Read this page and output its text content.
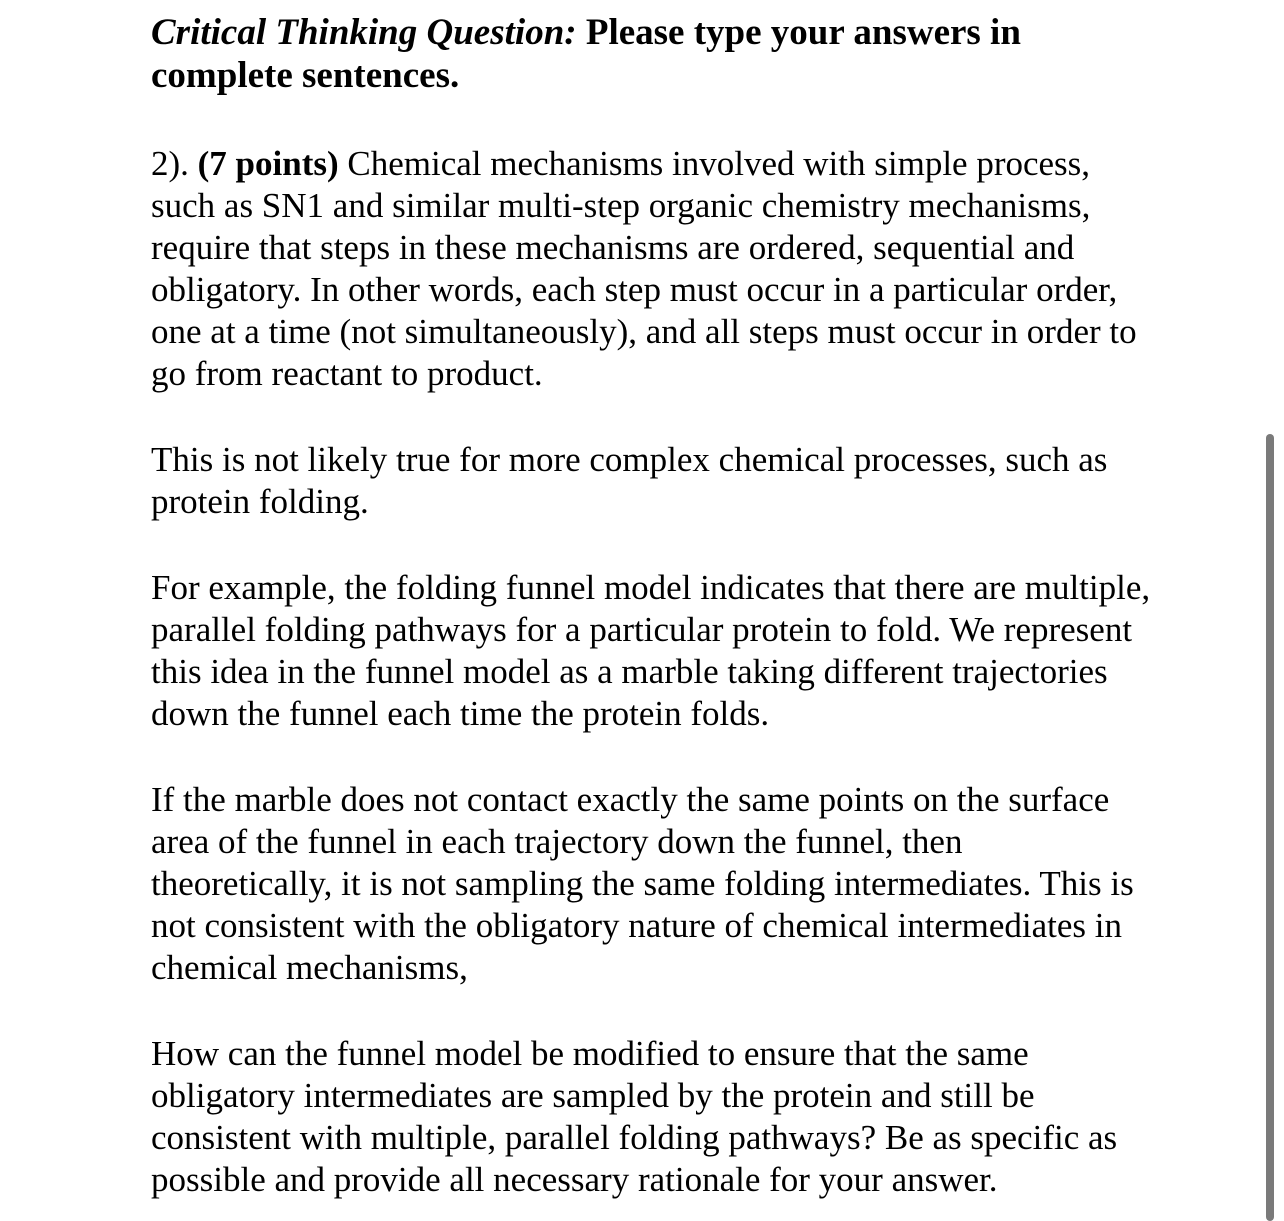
Critical Thinking Question: Please type your answers in complete sentences.
2). (7 points) Chemical mechanisms involved with simple process, such as SN1 and similar multi-step organic chemistry mechanisms, require that steps in these mechanisms are ordered, sequential and obligatory. In other words, each step must occur in a particular order, one at a time (not simultaneously), and all steps must occur in order to go from reactant to product.
This is not likely true for more complex chemical processes, such as protein folding.
For example, the folding funnel model indicates that there are multiple, parallel folding pathways for a particular protein to fold. We represent this idea in the funnel model as a marble taking different trajectories down the funnel each time the protein folds.
If the marble does not contact exactly the same points on the surface area of the funnel in each trajectory down the funnel, then theoretically, it is not sampling the same folding intermediates. This is not consistent with the obligatory nature of chemical intermediates in chemical mechanisms,
How can the funnel model be modified to ensure that the same obligatory intermediates are sampled by the protein and still be consistent with multiple, parallel folding pathways? Be as specific as possible and provide all necessary rationale for your answer.
